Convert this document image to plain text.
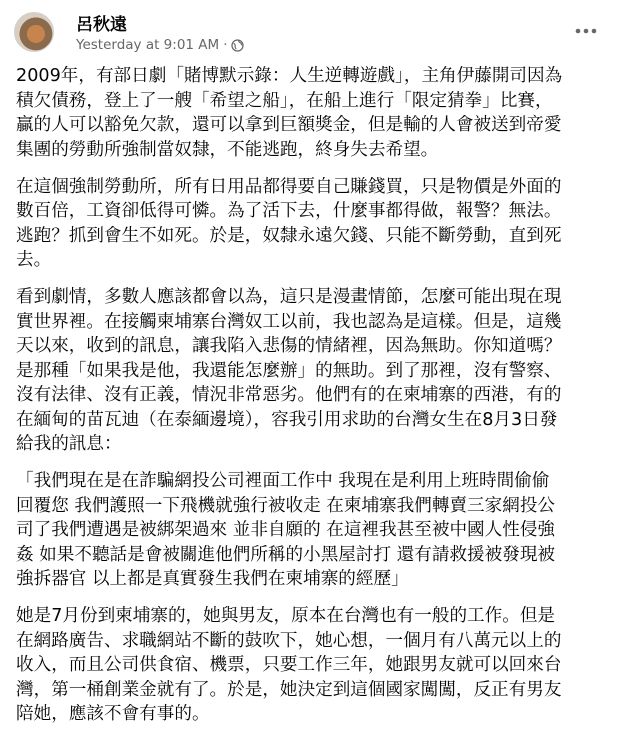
呂秋遠
Yesterday at 9:01 AM ·

2009年，有部日劇「賭博默示錄：人生逆轉遊戲」，主角伊藤開司因為
積欠債務，登上了一艘「希望之船」，在船上進行「限定猜拳」比賽，
贏的人可以豁免欠款，還可以拿到巨額獎金，但是輸的人會被送到帝愛
集團的勞動所強制當奴隸，不能逃跑，終身失去希望。

在這個強制勞動所，所有日用品都得要自己賺錢買，只是物價是外面的
數百倍，工資卻低得可憐。為了活下去，什麼事都得做，報警？無法。
逃跑？抓到會生不如死。於是，奴隸永遠欠錢、只能不斷勞動，直到死
去。

看到劇情，多數人應該都會以為，這只是漫畫情節，怎麼可能出現在現
實世界裡。在接觸柬埔寨台灣奴工以前，我也認為是這樣。但是，這幾
天以來，收到的訊息，讓我陷入悲傷的情緒裡，因為無助。你知道嗎？
是那種「如果我是他，我還能怎麼辦」的無助。到了那裡，沒有警察、
沒有法律、沒有正義，情況非常惡劣。他們有的在柬埔寨的西港，有的
在緬甸的苗瓦迪（在泰緬邊境），容我引用求助的台灣女生在8月3日發
給我的訊息：

「我們現在是在詐騙網投公司裡面工作中 我現在是利用上班時間偷偷
回覆您 我們護照一下飛機就強行被收走 在柬埔寨我們轉賣三家網投公
司了我們遭遇是被綁架過來 並非自願的 在這裡我甚至被中國人性侵強
姦 如果不聽話是會被關進他們所稱的小黑屋討打 還有請救援被發現被
強拆器官 以上都是真實發生我們在柬埔寨的經歷」

她是7月份到柬埔寨的，她與男友，原本在台灣也有一般的工作。但是
在網路廣告、求職網站不斷的鼓吹下，她心想，一個月有八萬元以上的
收入，而且公司供食宿、機票，只要工作三年，她跟男友就可以回來台
灣，第一桶創業金就有了。於是，她決定到這個國家闖闖，反正有男友
陪她，應該不會有事的。
